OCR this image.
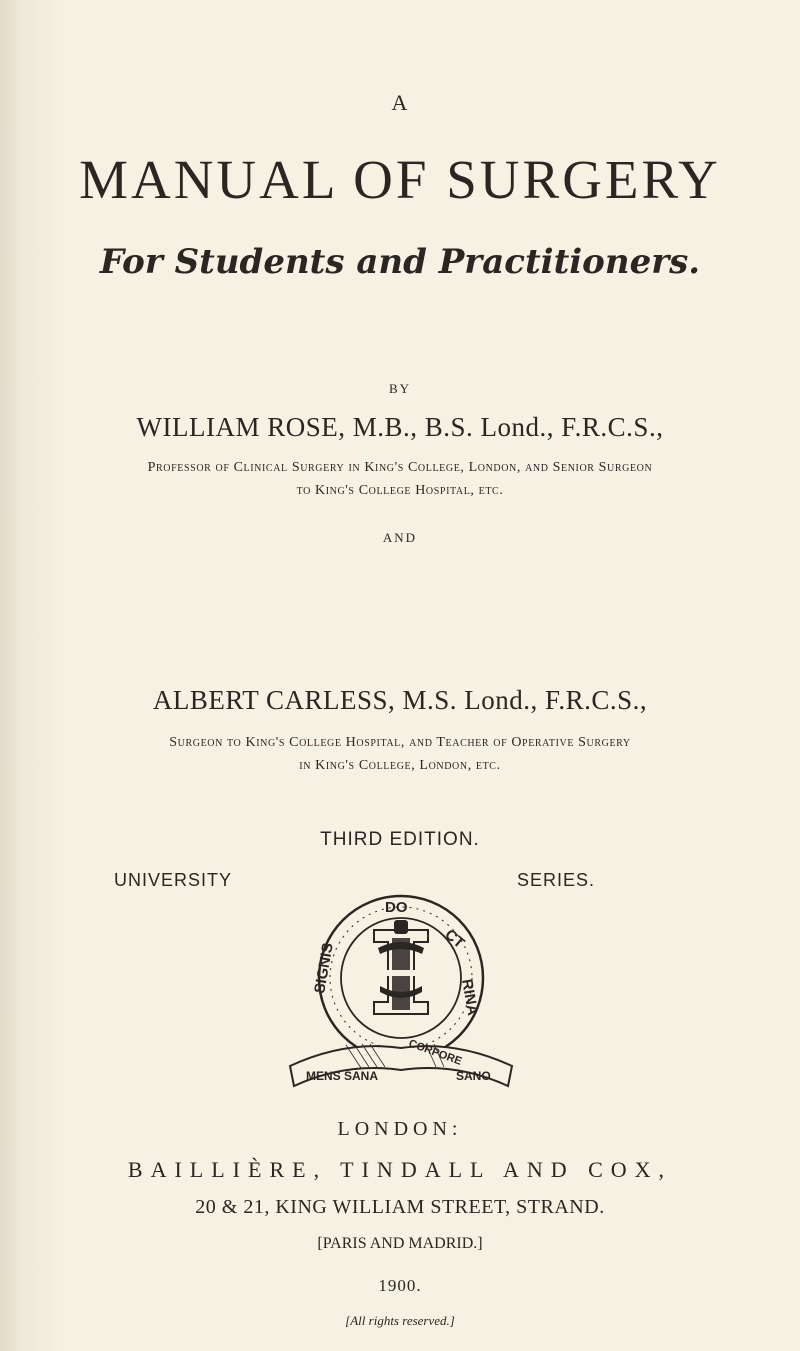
A
MANUAL OF SURGERY
For Students and Practitioners.
BY
WILLIAM ROSE, M.B., B.S. Lond., F.R.C.S.,
Professor of Clinical Surgery in King's College, London, and Senior Surgeon
to King's College Hospital, etc.
AND
ALBERT CARLESS, M.S. Lond., F.R.C.S.,
Surgeon to King's College Hospital, and Teacher of Operative Surgery
in King's College, London, etc.
THIRD EDITION.
UNIVERSITY	SERIES.
DO
CT
RINA
SIGNIS
CORPORE
SANO
MENS SANA
LONDON:
BAILLIÈRE, TINDALL AND COX,
20 & 21, KING WILLIAM STREET, STRAND.
[PARIS AND MADRID.]
1900.
[All rights reserved.]
